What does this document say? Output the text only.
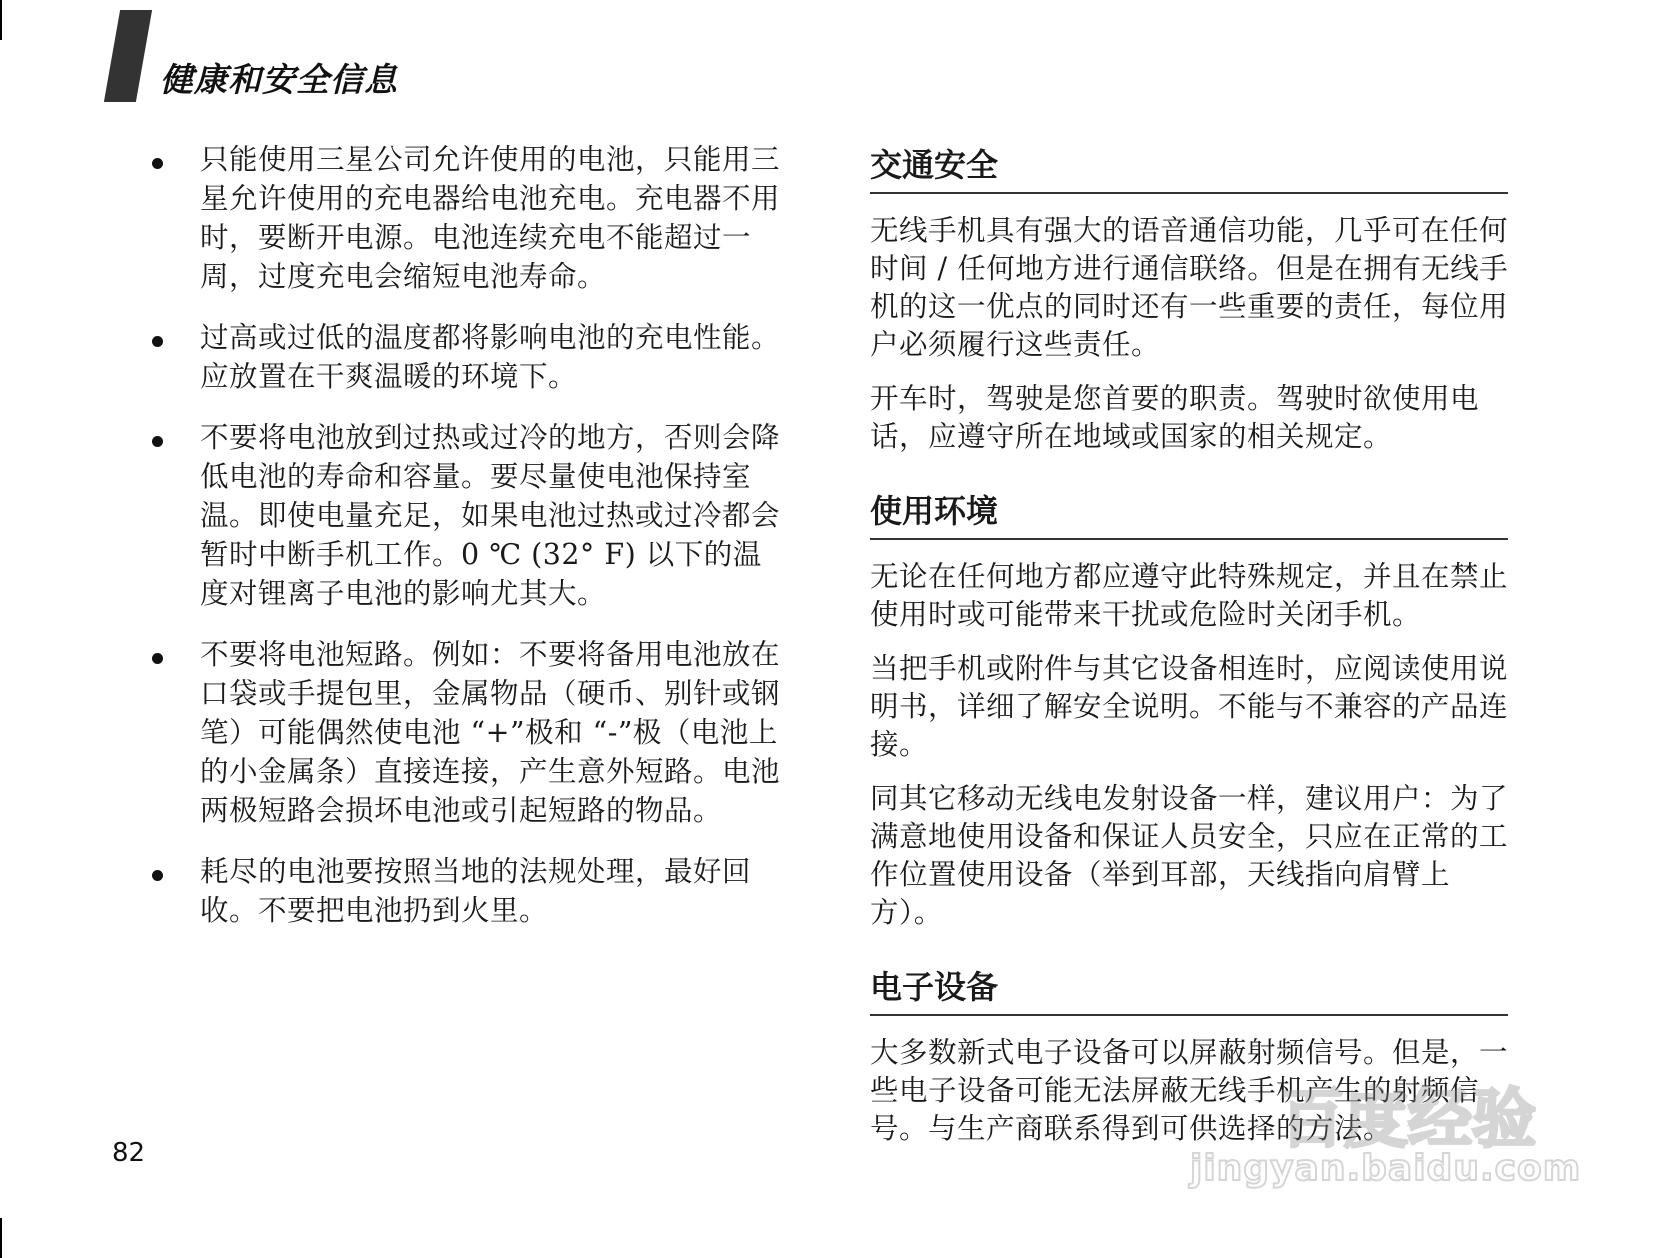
健康和安全信息
只能使用三星公司允许使用的电池，只能用三星允许使用的充电器给电池充电。充电器不用时，要断开电源。电池连续充电不能超过一周，过度充电会缩短电池寿命。
过高或过低的温度都将影响电池的充电性能。应放置在干爽温暖的环境下。
不要将电池放到过热或过冷的地方，否则会降低电池的寿命和容量。要尽量使电池保持室温。即使电量充足，如果电池过热或过冷都会暂时中断手机工作。0 ℃ (32° F) 以下的温度对锂离子电池的影响尤其大。
不要将电池短路。例如：不要将备用电池放在口袋或手提包里，金属物品（硬币、别针或钢笔）可能偶然使电池 “+”极和 “-”极（电池上的小金属条）直接连接，产生意外短路。电池两极短路会损坏电池或引起短路的物品。
耗尽的电池要按照当地的法规处理，最好回收。不要把电池扔到火里。
交通安全

无线手机具有强大的语音通信功能，几乎可在任何时间 / 任何地方进行通信联络。但是在拥有无线手机的这一优点的同时还有一些重要的责任，每位用户必须履行这些责任。

开车时，驾驶是您首要的职责。驾驶时欲使用电话，应遵守所在地域或国家的相关规定。

使用环境

无论在任何地方都应遵守此特殊规定，并且在禁止使用时或可能带来干扰或危险时关闭手机。

当把手机或附件与其它设备相连时，应阅读使用说明书，详细了解安全说明。不能与不兼容的产品连接。

同其它移动无线电发射设备一样，建议用户：为了满意地使用设备和保证人员安全，只应在正常的工作位置使用设备（举到耳部，天线指向肩臂上方）。

电子设备

大多数新式电子设备可以屏蔽射频信号。但是，一些电子设备可能无法屏蔽无线手机产生的射频信号。与生产商联系得到可供选择的方法。

82	百度经验
jingyan.baidu.com
